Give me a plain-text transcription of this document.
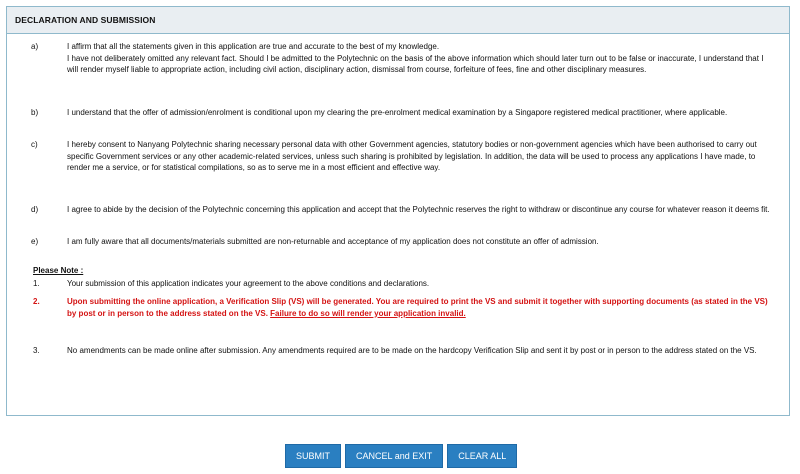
DECLARATION AND SUBMISSION
a)	I affirm that all the statements given in this application are true and accurate to the best of my knowledge.
I have not deliberately omitted any relevant fact. Should I be admitted to the Polytechnic on the basis of the above information which should later turn out to be false or inaccurate, I understand that I will render myself liable to appropriate action, including civil action, disciplinary action, dismissal from course, forfeiture of fees, fine and other disciplinary measures.
b)	I understand that the offer of admission/enrolment is conditional upon my clearing the pre-enrolment medical examination by a Singapore registered medical practitioner, where applicable.
c)	I hereby consent to Nanyang Polytechnic sharing necessary personal data with other Government agencies, statutory bodies or non-government agencies which have been authorised to carry out specific Government services or any other academic-related services, unless such sharing is prohibited by legislation. In addition, the data will be used to process any applications I have made, to render me a service, or for statistical compilations, so as to serve me in a most efficient and effective way.
d)	I agree to abide by the decision of the Polytechnic concerning this application and accept that the Polytechnic reserves the right to withdraw or discontinue any course for whatever reason it deems fit.
e)	I am fully aware that all documents/materials submitted are non-returnable and acceptance of my application does not constitute an offer of admission.
Please Note :
1.	Your submission of this application indicates your agreement to the above conditions and declarations.
2.	Upon submitting the online application, a Verification Slip (VS) will be generated. You are required to print the VS and submit it together with supporting documents (as stated in the VS) by post or in person to the address stated on the VS. Failure to do so will render your application invalid.
3.	No amendments can be made online after submission. Any amendments required are to be made on the hardcopy Verification Slip and sent it by post or in person to the address stated on the VS.
SUBMIT	CANCEL and EXIT	CLEAR ALL
